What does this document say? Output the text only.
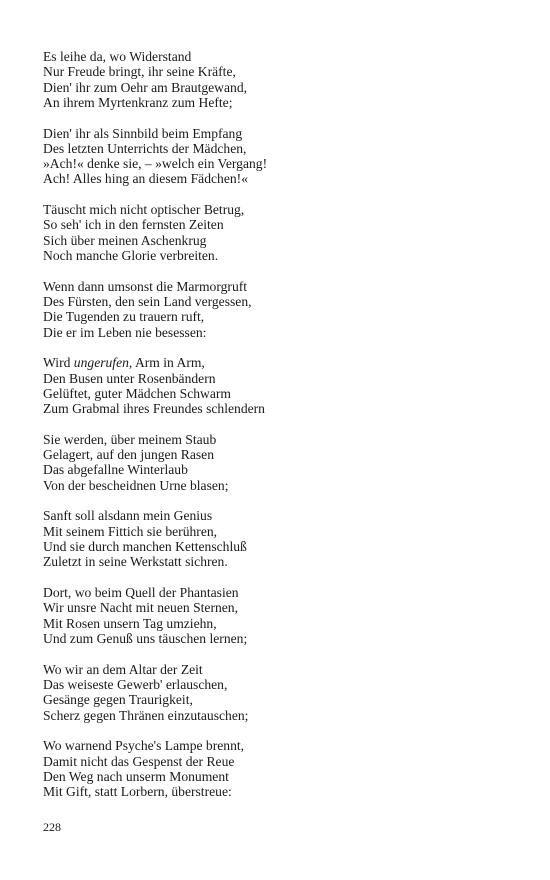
Es leihe da, wo Widerstand
Nur Freude bringt, ihr seine Kräfte,
Dien' ihr zum Oehr am Brautgewand,
An ihrem Myrtenkranz zum Hefte;
Dien' ihr als Sinnbild beim Empfang
Des letzten Unterrichts der Mädchen,
»Ach!« denke sie, – »welch ein Vergang!
Ach! Alles hing an diesem Fädchen!«
Täuscht mich nicht optischer Betrug,
So seh' ich in den fernsten Zeiten
Sich über meinen Aschenkrug
Noch manche Glorie verbreiten.
Wenn dann umsonst die Marmorgruft
Des Fürsten, den sein Land vergessen,
Die Tugenden zu trauern ruft,
Die er im Leben nie besessen:
Wird ungerufen, Arm in Arm,
Den Busen unter Rosenbändern
Gelüftet, guter Mädchen Schwarm
Zum Grabmal ihres Freundes schlendern
Sie werden, über meinem Staub
Gelagert, auf den jungen Rasen
Das abgefallne Winterlaub
Von der bescheidnen Urne blasen;
Sanft soll alsdann mein Genius
Mit seinem Fittich sie berühren,
Und sie durch manchen Kettenschluß
Zuletzt in seine Werkstatt sichren.
Dort, wo beim Quell der Phantasien
Wir unsre Nacht mit neuen Sternen,
Mit Rosen unsern Tag umziehn,
Und zum Genuß uns täuschen lernen;
Wo wir an dem Altar der Zeit
Das weiseste Gewerb' erlauschen,
Gesänge gegen Traurigkeit,
Scherz gegen Thränen einzutauschen;
Wo warnend Psyche's Lampe brennt,
Damit nicht das Gespenst der Reue
Den Weg nach unserm Monument
Mit Gift, statt Lorbern, überstreue:
228
